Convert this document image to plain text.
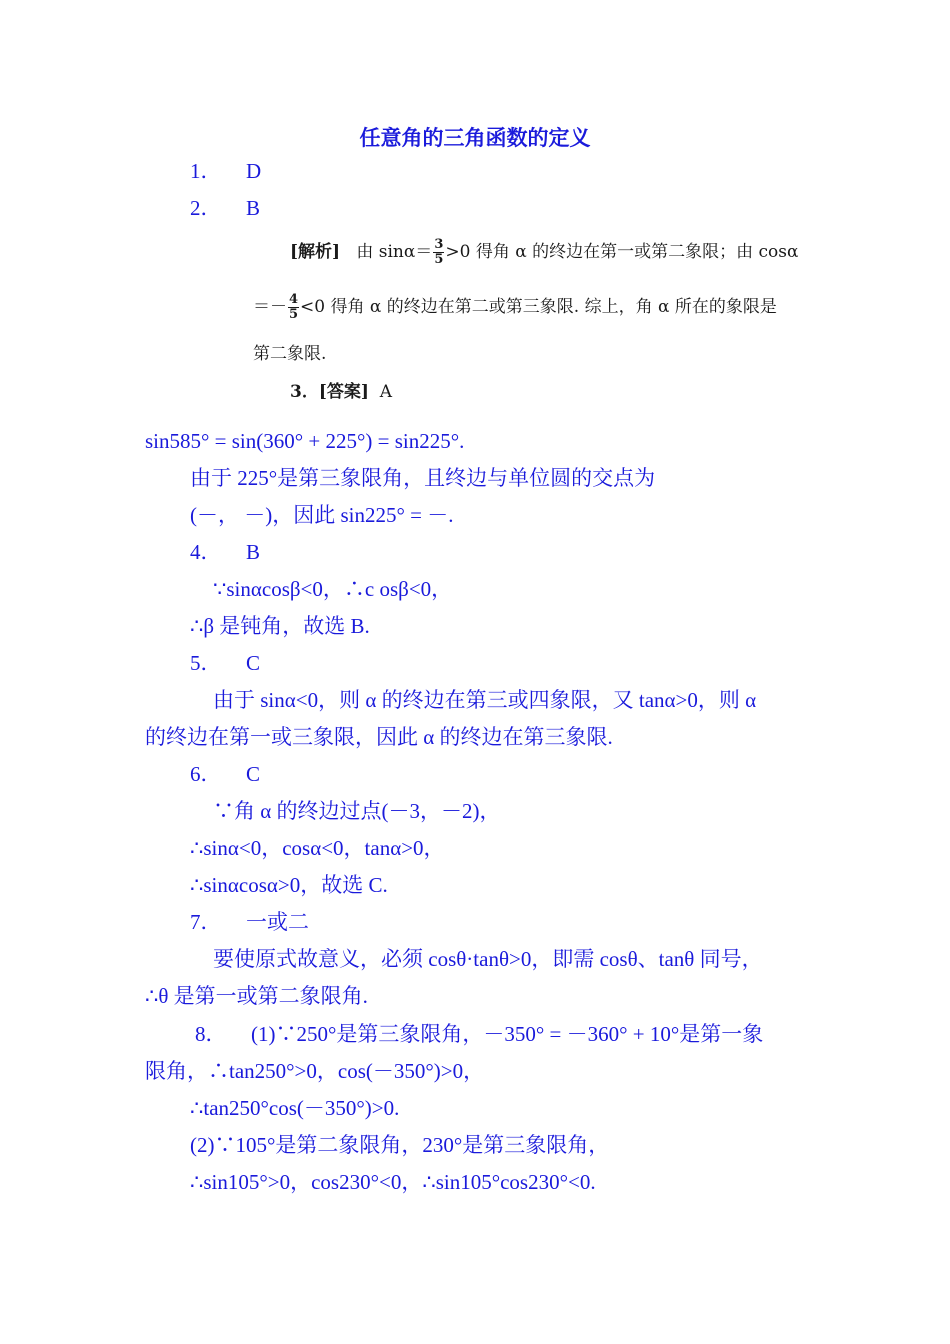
任意角的三角函数的定义
1． D
2． B
[解析] 由 $\sin\alpha= \frac{3}{5} >0$ 得角 α 的终边在第一或第二象限；由 cosα
＝－ $\frac{4}{5} <0$ 得角 α 的终边在第二或第三象限. 综上，角 α 所在的象限是
第二象限.
3．[答案] A
sin585° = sin(360° + 225°) = sin225°.
由于 225°是第三象限角，且终边与单位圆的交点为
(－， －)，因此 sin225° = －.
4． B
∵sinαcosβ<0，∴c osβ<0，
∴β 是钝角，故选 B.
5． C
由于 sinα<0，则 α 的终边在第三或四象限，又 tanα>0，则 α
的终边在第一或三象限，因此 α 的终边在第三象限.
6． C
∵角 α 的终边过点(－3，－2)，
∴sinα<0，cosα<0，tanα>0，
∴sinαcosα>0，故选 C.
7． 一或二
要使原式故意义，必须 cosθ·tanθ>0，即需 cosθ、tanθ 同号，
∴θ 是第一或第二象限角.
8． (1)∵250°是第三象限角，－350° = －360° + 10°是第一象
限角，∴tan250°>0，cos(－350°)>0，
∴tan250°cos(－350°)>0.
(2)∵105°是第二象限角，230°是第三象限角，
∴sin105°>0，cos230°<0，∴sin105°cos230°<0.
